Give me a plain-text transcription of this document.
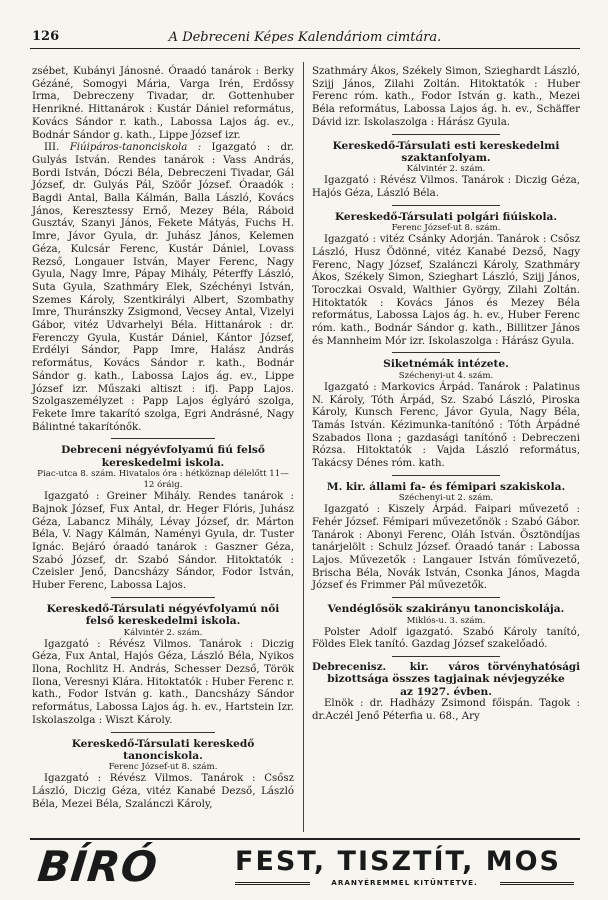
126	A Debreceni Képes Kalendáriom cimtára.

zsébet, Kubányi Jánosné. Óraadó tanárok : Berky Gézáné, Somogyi Mária, Varga Irén, Erdőssy Irma, Debreczeny Tivadar, dr. Gottenhuber Henrikné. Hittanárok : Kustár Dániel református, Kovács Sándor r. kath., Labossa Lajos ág. ev., Bodnár Sándor g. kath., Lippe József izr.

III. Fiúipáros-tanonciskola : Igazgató : dr. Gulyás István. Rendes tanárok : Vass András, Bordi István, Dóczi Béla, Debreczeni Tivadar, Gál József, dr. Gulyás Pál, Szöőr József. Óraadók : Bagdi Antal, Balla Kálmán, Balla László, Kovács János, Keresztessy Ernő, Mezey Béla, Ráboid Gusztáv, Szanyi János, Fekete Mátyás, Fuchs H. Imre, Jávor Gyula, dr. Juhász János, Kelemen Géza, Kulcsár Ferenc, Kustár Dániel, Lovass Rezső, Longauer István, Mayer Ferenc, Nagy Gyula, Nagy Imre, Pápay Mihály, Péterffy László, Suta Gyula, Szathmáry Elek, Széchényi István, Szemes Károly, Szentkirályi Albert, Szombathy Imre, Thuránszky Zsigmond, Vecsey Antal, Vizelyi Gábor, vitéz Udvarhelyi Béla. Hittanárok : dr. Ferenczy Gyula, Kustár Dániel, Kántor József, Erdélyi Sándor, Papp Imre, Halász András református, Kovács Sándor r. kath., Bodnár Sándor g. kath., Labossa Lajos ág. ev., Lippe József izr. Műszaki altiszt : ifj. Papp Lajos. Szolgaszemélyzet : Papp Lajos églyáró szolga, Fekete Imre takarító szolga, Egri Andrásné, Nagy Bálintné takarítónők.

Debreceni négyévfolyamú fiú felső kereskedelmi iskola.

Piac-utca 8. szám. Hivatalos óra : hétköznap délelőtt 11—12 óráig.

Igazgató : Greiner Mihály. Rendes tanárok : Bajnok József, Fux Antal, dr. Heger Flóris, Juhász Géza, Labancz Mihály, Lévay József, dr. Márton Béla, V. Nagy Kálmán, Naményi Gyula, dr. Tuster Ignác. Bejáró óraadó tanárok : Gaszner Géza, Szabó József, dr. Szabó Sándor. Hitoktatók : Czeisler Jenő, Dancsházy Sándor, Fodor István, Huber Ferenc, Labossa Lajos.

Kereskedő-Társulati négyévfolyamú női felső kereskedelmi iskola.

Kálvintér 2. szám.

Igazgató : Révész Vilmos. Tanárok : Diczig Géza, Fux Antal, Hajós Géza, László Béla, Nyikos Ilona, Rochlitz H. András, Schesser Dezső, Török Ilona, Veresnyi Klára. Hitoktatók : Huber Ferenc r. kath., Fodor István g. kath., Dancsházy Sándor református, Labossa Lajos ág. h. ev., Hartstein Izr. Iskolaszolga : Wiszt Károly.

Kereskedő-Társulati kereskedő tanonciskola.

Ferenc József-ut 8. szám.

Igazgató : Révész Vilmos. Tanárok : Csősz László, Diczig Géza, vitéz Kanabé Dezső, László Béla, Mezei Béla, Szalánczi Károly,

Szathmáry Ákos, Székely Simon, Szieghardt László, Szijj János, Zilahi Zoltán. Hitoktatók : Huber Ferenc róm. kath., Fodor István g. kath., Mezei Béla református, Labossa Lajos ág. h. ev., Schäffer Dávid izr. Iskolaszolga : Hárász Gyula.

Kereskedő-Társulati esti kereskedelmi szaktanfolyam.

Kálvintér 2. szám.

Igazgató : Révész Vilmos. Tanárok : Diczig Géza, Hajós Géza, László Béla.

Kereskedő-Társulati polgári fiúiskola.

Ferenc József-ut 8. szám.

Igazgató : vitéz Csánky Adorján. Tanárok : Csősz László, Husz Ödönné, vitéz Kanabé Dezső, Nagy Ferenc, Nagy József, Szalánczi Károly, Szathmáry Ákos, Székely Simon, Szieghart László, Szijj János, Toroczkai Osvald, Walthier György, Zilahi Zoltán. Hitoktatók : Kovács János és Mezey Béla református, Labossa Lajos ág. h. ev., Huber Ferenc róm. kath., Bodnár Sándor g. kath., Billitzer János és Mannheim Mór izr. Iskolaszolga : Hárász Gyula.

Siketnémák intézete.

Széchenyi-ut 4. szám.

Igazgató : Markovics Árpád. Tanárok : Palatinus N. Károly, Tóth Árpád, Sz. Szabó László, Piroska Károly, Kunsch Ferenc, Jávor Gyula, Nagy Béla, Tamás István. Kézimunka-tanítónő : Tóth Árpádné Szabados Ilona ; gazdasági tanítónő : Debreczeni Rózsa. Hitoktatók : Vajda László református, Takácsy Dénes róm. kath.

M. kir. állami fa- és fémipari szakiskola.

Széchenyi-ut 2. szám.

Igazgató : Kiszely Árpád. Faipari művezető : Fehér József. Fémipari művezetőnök : Szabó Gábor. Tanárok : Abonyi Ferenc, Oláh István. Ösztöndíjas tanárjelölt : Schulz József. Óraadó tanár : Labossa Lajos. Művezetők : Langauer István fóművezető, Brischa Béla, Novák István, Csonka János, Magda József és Frimmer Pál művezetők.

Vendéglősök szakirányu tanonciskolája.

Miklós-u. 3. szám.

Polster Adolf igazgató. Szabó Károly tanító, Földes Elek tanító. Gazdag József szakelőadó.

Debreceni sz.	kir.	város törvényhatósági

bizottsága összes tagjainak névjegyzéke

az 1927. évben.

Elnök : dr. Hadházy Zsimond főispán. Tagok : dr.Aczél Jenő Péterfia u. 68., Ary

BÍRÓ	FEST, TISZTÍT, MOS
ARANYÉREMMEL KITÜNTETVE.
